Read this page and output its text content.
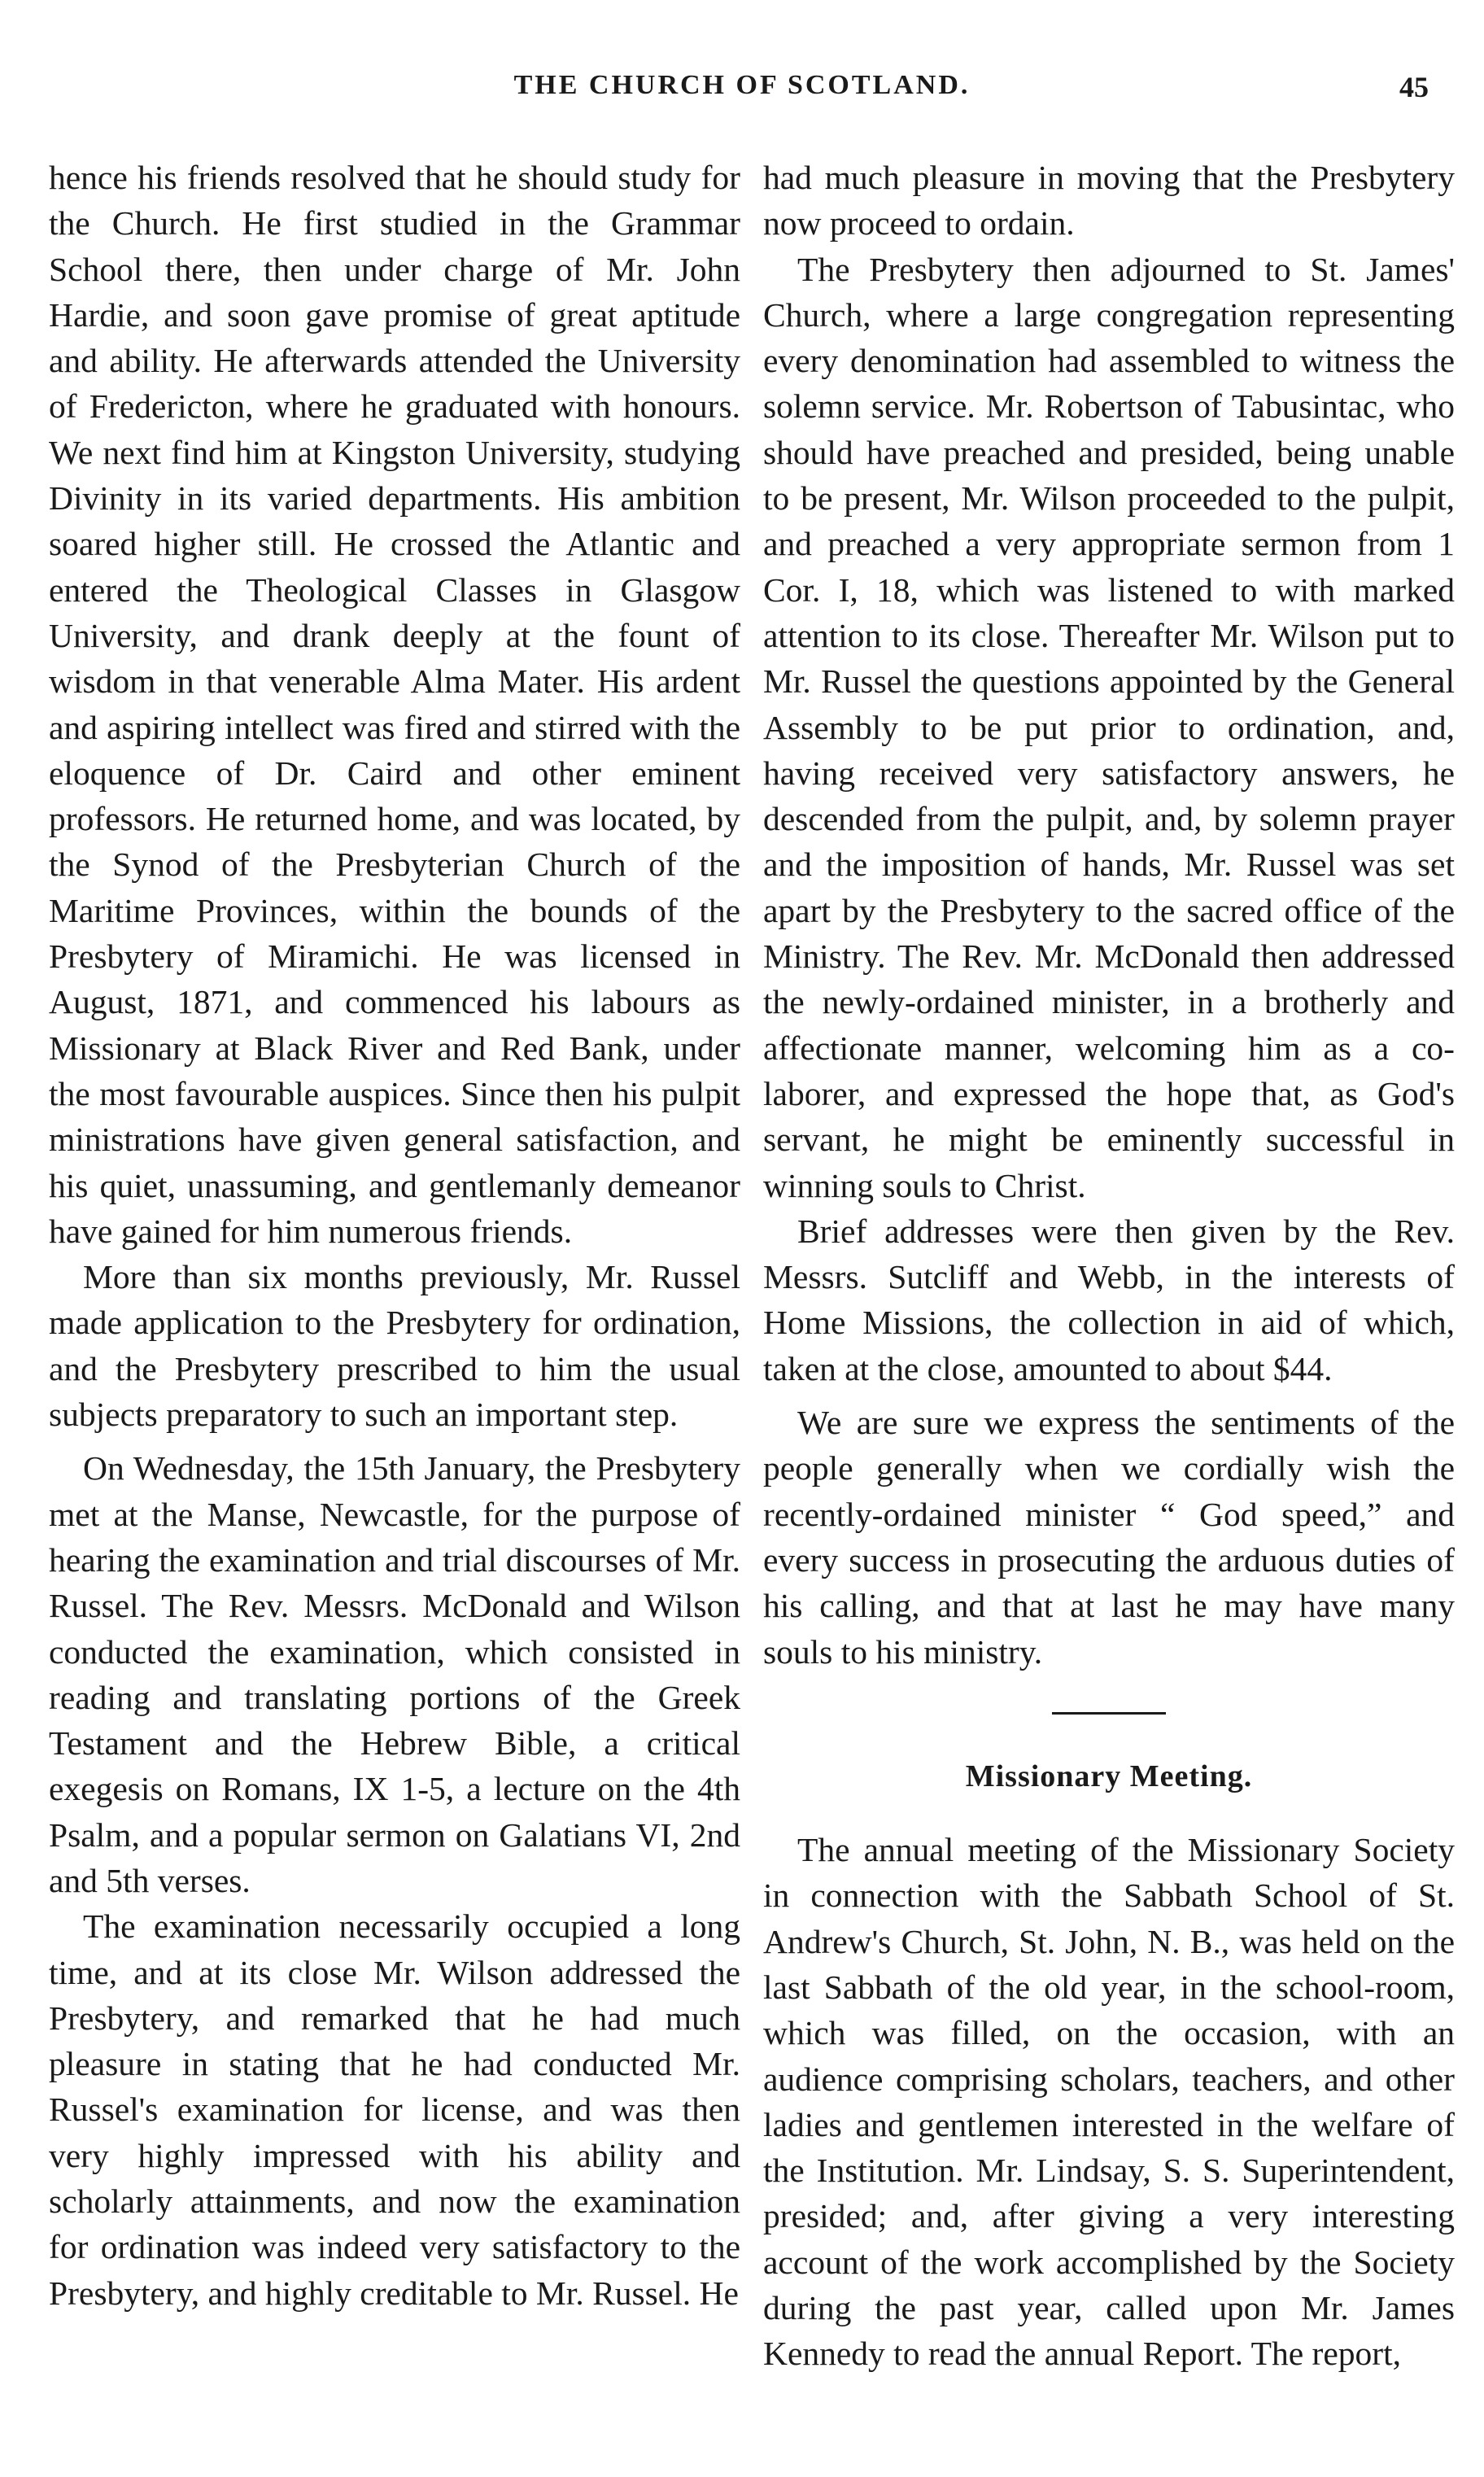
THE CHURCH OF SCOTLAND.	45

hence his friends resolved that he should study for the Church. He first studied in the Grammar School there, then under charge of Mr. John Hardie, and soon gave promise of great aptitude and ability. He afterwards attended the University of Fredericton, where he graduated with honours. We next find him at Kingston University, studying Divinity in its varied departments. His ambition soared higher still. He crossed the Atlantic and entered the Theological Classes in Glasgow University, and drank deeply at the fount of wisdom in that venerable Alma Mater. His ardent and aspiring intellect was fired and stirred with the eloquence of Dr. Caird and other eminent professors. He returned home, and was located, by the Synod of the Presbyterian Church of the Maritime Provinces, within the bounds of the Presbytery of Miramichi. He was licensed in August, 1871, and commenced his labours as Missionary at Black River and Red Bank, under the most favourable auspices. Since then his pulpit ministrations have given general satisfaction, and his quiet, unassuming, and gentlemanly demeanor have gained for him numerous friends.

More than six months previously, Mr. Russel made application to the Presbytery for ordination, and the Presbytery prescribed to him the usual subjects preparatory to such an important step.

On Wednesday, the 15th January, the Presbytery met at the Manse, Newcastle, for the purpose of hearing the examination and trial discourses of Mr. Russel. The Rev. Messrs. McDonald and Wilson conducted the examination, which consisted in reading and translating portions of the Greek Testament and the Hebrew Bible, a critical exegesis on Romans, IX 1-5, a lecture on the 4th Psalm, and a popular sermon on Galatians VI, 2nd and 5th verses.

The examination necessarily occupied a long time, and at its close Mr. Wilson addressed the Presbytery, and remarked that he had much pleasure in stating that he had conducted Mr. Russel's examination for license, and was then very highly impressed with his ability and scholarly attainments, and now the examination for ordination was indeed very satisfactory to the Presbytery, and highly creditable to Mr. Russel. He

had much pleasure in moving that the Presbytery now proceed to ordain.

The Presbytery then adjourned to St. James' Church, where a large congregation representing every denomination had assembled to witness the solemn service. Mr. Robertson of Tabusintac, who should have preached and presided, being unable to be present, Mr. Wilson proceeded to the pulpit, and preached a very appropriate sermon from 1 Cor. I, 18, which was listened to with marked attention to its close. Thereafter Mr. Wilson put to Mr. Russel the questions appointed by the General Assembly to be put prior to ordination, and, having received very satisfactory answers, he descended from the pulpit, and, by solemn prayer and the imposition of hands, Mr. Russel was set apart by the Presbytery to the sacred office of the Ministry. The Rev. Mr. McDonald then addressed the newly-ordained minister, in a brotherly and affectionate manner, welcoming him as a co-laborer, and expressed the hope that, as God's servant, he might be eminently successful in winning souls to Christ.

Brief addresses were then given by the Rev. Messrs. Sutcliff and Webb, in the interests of Home Missions, the collection in aid of which, taken at the close, amounted to about $44.

We are sure we express the sentiments of the people generally when we cordially wish the recently-ordained minister “ God speed,” and every success in prosecuting the arduous duties of his calling, and that at last he may have many souls to his ministry.

Missionary Meeting.

The annual meeting of the Missionary Society in connection with the Sabbath School of St. Andrew's Church, St. John, N. B., was held on the last Sabbath of the old year, in the school-room, which was filled, on the occasion, with an audience comprising scholars, teachers, and other ladies and gentlemen interested in the welfare of the Institution. Mr. Lindsay, S. S. Superintendent, presided; and, after giving a very interesting account of the work accomplished by the Society during the past year, called upon Mr. James Kennedy to read the annual Report. The report,
